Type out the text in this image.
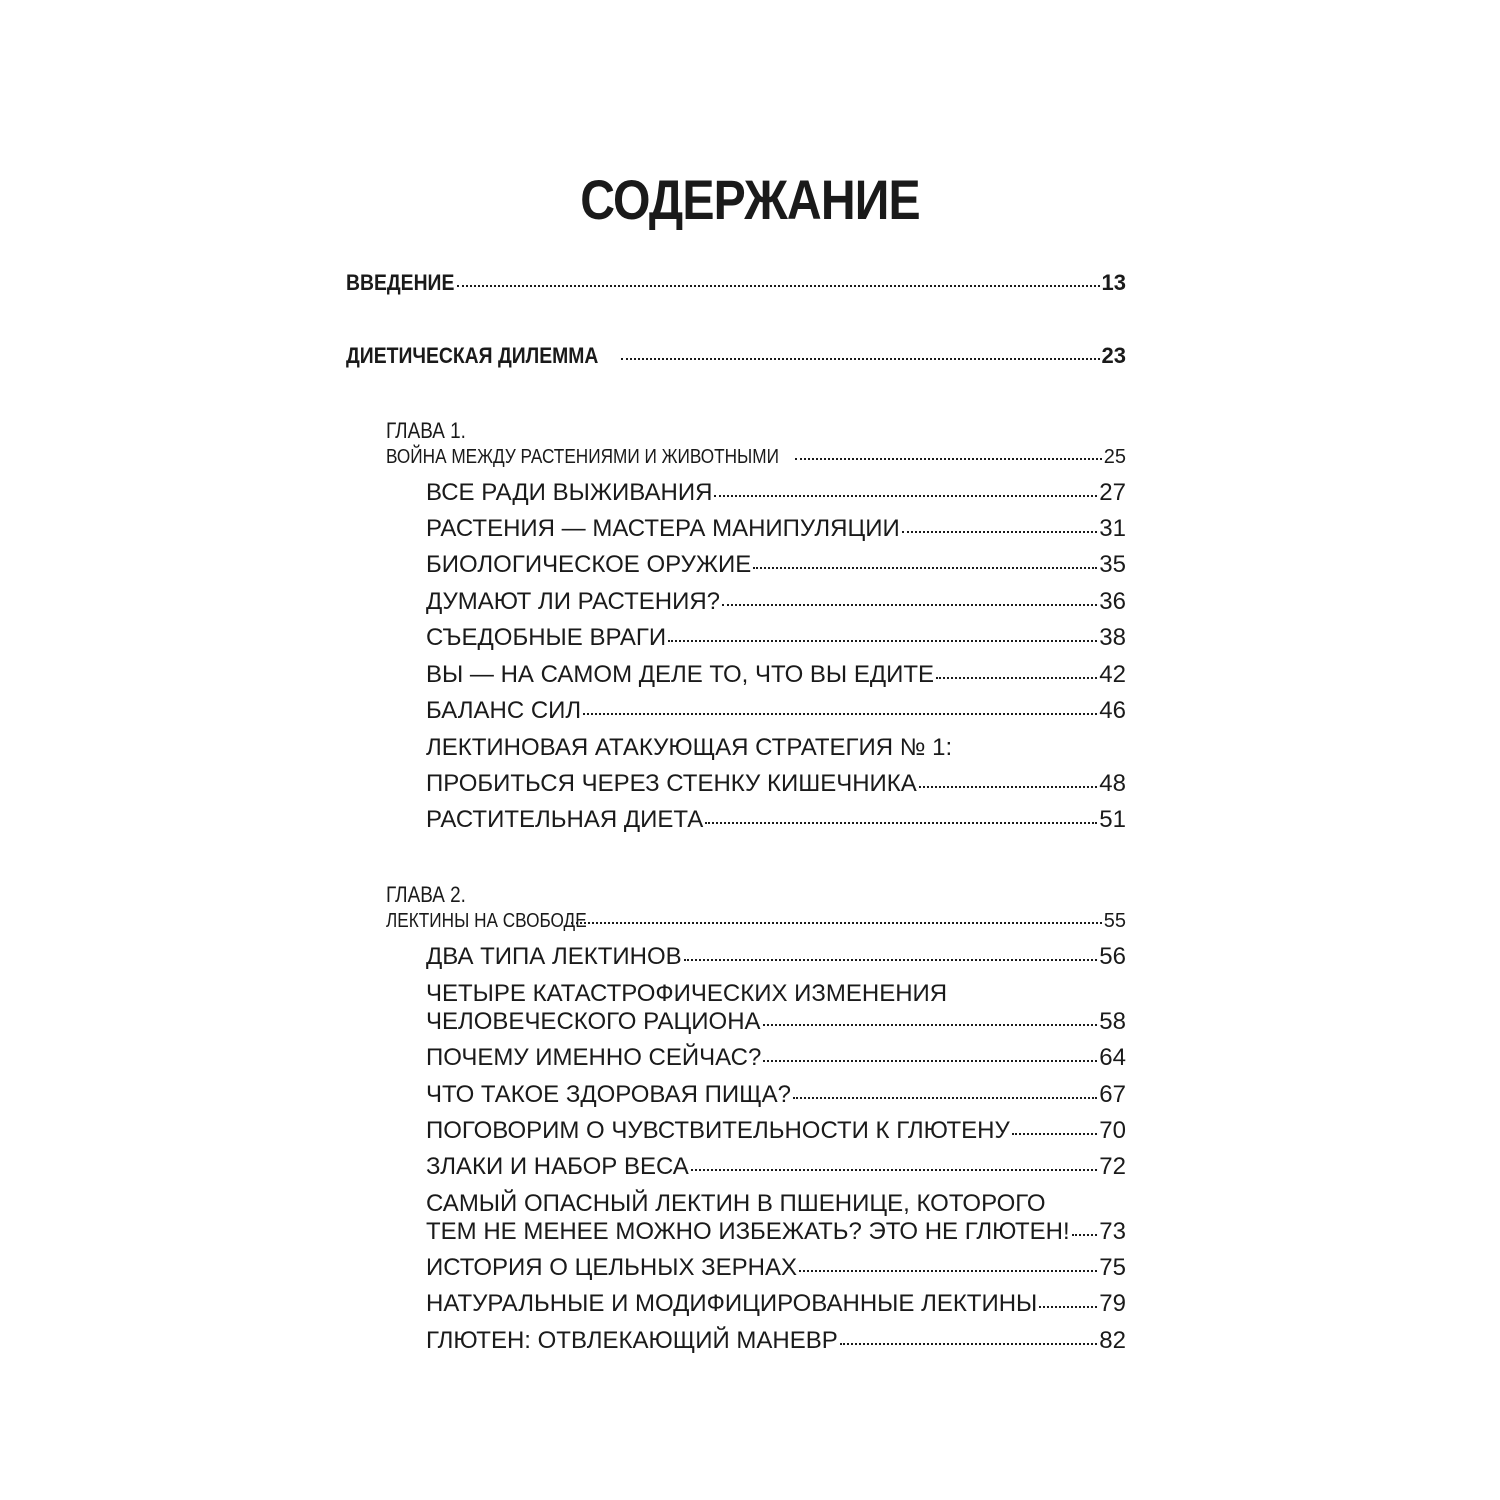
СОДЕРЖАНИЕ
ВВЕДЕНИЕ	13
ДИЕТИЧЕСКАЯ ДИЛЕММА	23
ГЛАВА 1.
ВОЙНА МЕЖДУ РАСТЕНИЯМИ И ЖИВОТНЫМИ	25
ВСЕ РАДИ ВЫЖИВАНИЯ	27
РАСТЕНИЯ — МАСТЕРА МАНИПУЛЯЦИИ	31
БИОЛОГИЧЕСКОЕ ОРУЖИЕ	35
ДУМАЮТ ЛИ РАСТЕНИЯ?	36
СЪЕДОБНЫЕ ВРАГИ	38
ВЫ — НА САМОМ ДЕЛЕ ТО, ЧТО ВЫ ЕДИТЕ	42
БАЛАНС СИЛ	46
ЛЕКТИНОВАЯ АТАКУЮЩАЯ СТРАТЕГИЯ № 1:
ПРОБИТЬСЯ ЧЕРЕЗ СТЕНКУ КИШЕЧНИКА	48
РАСТИТЕЛЬНАЯ ДИЕТА	51
ГЛАВА 2.
ЛЕКТИНЫ НА СВОБОДЕ	55
ДВА ТИПА ЛЕКТИНОВ	56
ЧЕТЫРЕ КАТАСТРОФИЧЕСКИХ ИЗМЕНЕНИЯ
ЧЕЛОВЕЧЕСКОГО РАЦИОНА	58
ПОЧЕМУ ИМЕННО СЕЙЧАС?	64
ЧТО ТАКОЕ ЗДОРОВАЯ ПИЩА?	67
ПОГОВОРИМ О ЧУВСТВИТЕЛЬНОСТИ К ГЛЮТЕНУ	70
ЗЛАКИ И НАБОР ВЕСА	72
САМЫЙ ОПАСНЫЙ ЛЕКТИН В ПШЕНИЦЕ, КОТОРОГО
ТЕМ НЕ МЕНЕЕ МОЖНО ИЗБЕЖАТЬ? ЭТО НЕ ГЛЮТЕН! 73
ИСТОРИЯ О ЦЕЛЬНЫХ ЗЕРНАХ	75
НАТУРАЛЬНЫЕ И МОДИФИЦИРОВАННЫЕ ЛЕКТИНЫ	79
ГЛЮТЕН: ОТВЛЕКАЮЩИЙ МАНЕВР	82
